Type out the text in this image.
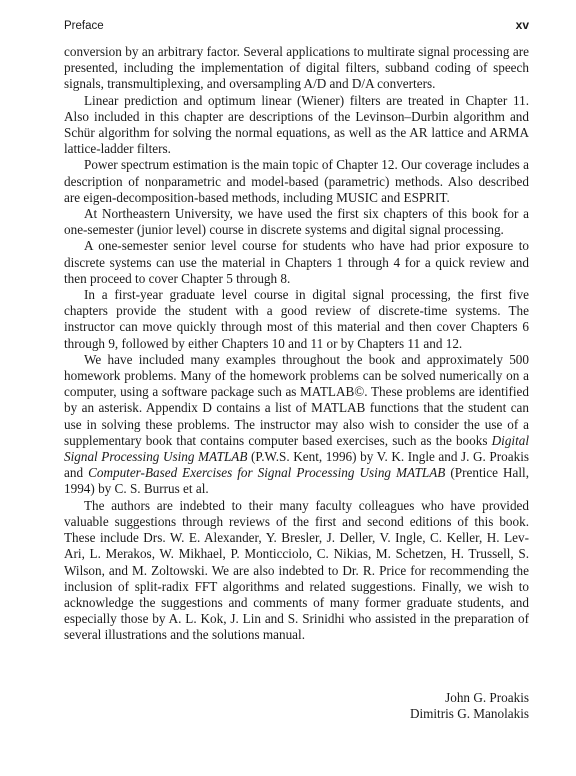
Preface	xv

conversion by an arbitrary factor. Several applications to multirate signal processing are presented, including the implementation of digital filters, subband coding of speech signals, transmultiplexing, and oversampling A/D and D/A converters.

Linear prediction and optimum linear (Wiener) filters are treated in Chapter 11. Also included in this chapter are descriptions of the Levinson–Durbin algorithm and Schür algorithm for solving the normal equations, as well as the AR lattice and ARMA lattice-ladder filters.

Power spectrum estimation is the main topic of Chapter 12. Our coverage includes a description of nonparametric and model-based (parametric) methods. Also described are eigen-decomposition-based methods, including MUSIC and ESPRIT.

At Northeastern University, we have used the first six chapters of this book for a one-semester (junior level) course in discrete systems and digital signal processing.

A one-semester senior level course for students who have had prior exposure to discrete systems can use the material in Chapters 1 through 4 for a quick review and then proceed to cover Chapter 5 through 8.

In a first-year graduate level course in digital signal processing, the first five chapters provide the student with a good review of discrete-time systems. The instructor can move quickly through most of this material and then cover Chapters 6 through 9, followed by either Chapters 10 and 11 or by Chapters 11 and 12.

We have included many examples throughout the book and approximately 500 homework problems. Many of the homework problems can be solved numerically on a computer, using a software package such as MATLAB©. These problems are identified by an asterisk. Appendix D contains a list of MATLAB functions that the student can use in solving these problems. The instructor may also wish to consider the use of a supplementary book that contains computer based exercises, such as the books Digital Signal Processing Using MATLAB (P.W.S. Kent, 1996) by V. K. Ingle and J. G. Proakis and Computer-Based Exercises for Signal Processing Using MATLAB (Prentice Hall, 1994) by C. S. Burrus et al.

The authors are indebted to their many faculty colleagues who have provided valuable suggestions through reviews of the first and second editions of this book. These include Drs. W. E. Alexander, Y. Bresler, J. Deller, V. Ingle, C. Keller, H. Lev-Ari, L. Merakos, W. Mikhael, P. Monticciolo, C. Nikias, M. Schetzen, H. Trussell, S. Wilson, and M. Zoltowski. We are also indebted to Dr. R. Price for recommending the inclusion of split-radix FFT algorithms and related suggestions. Finally, we wish to acknowledge the suggestions and comments of many former graduate students, and especially those by A. L. Kok, J. Lin and S. Srinidhi who assisted in the preparation of several illustrations and the solutions manual.

John G. Proakis
Dimitris G. Manolakis
